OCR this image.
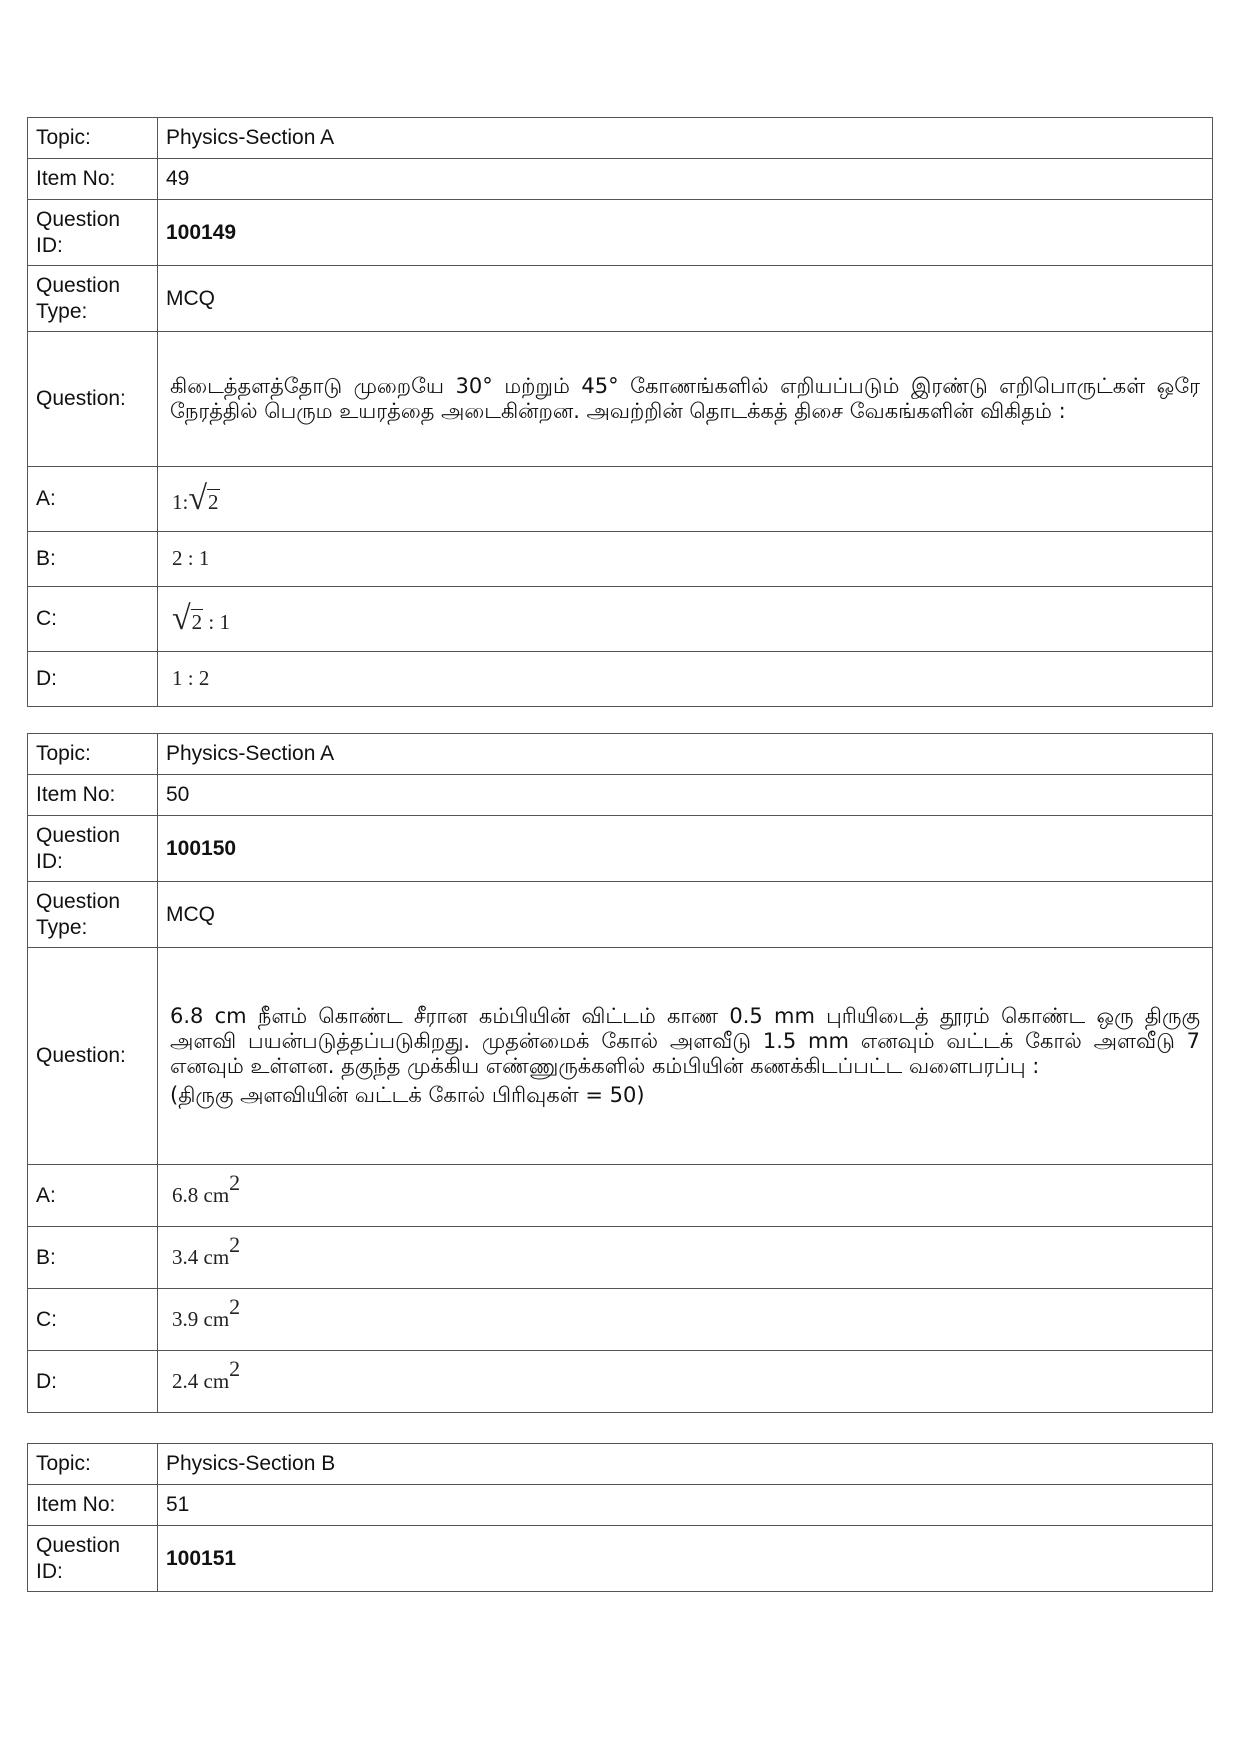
Topic:	Physics-Section A
Item No:	49
Question ID:	100149
Question Type:	MCQ
Question:	கிடைத்தளத்தோடு முறையே 30° மற்றும் 45° கோணங்களில் எறியப்படும் இரண்டு எறிபொருட்கள் ஒரே நேரத்தில் பெரும உயரத்தை அடைகின்றன. அவற்றின் தொடக்கத் திசை வேகங்களின் விகிதம் :
A:	1:√2
B:	2 : 1
C:	√2 : 1
D:	1 : 2
Topic:	Physics-Section A
Item No:	50
Question ID:	100150
Question Type:	MCQ
Question:	6.8 cm நீளம் கொண்ட சீரான கம்பியின் விட்டம் காண 0.5 mm புரியிடைத் தூரம் கொண்ட ஒரு திருகு அளவி பயன்படுத்தப்படுகிறது. முதன்மைக் கோல் அளவீடு 1.5 mm எனவும் வட்டக் கோல் அளவீடு 7 எனவும் உள்ளன. தகுந்த முக்கிய எண்ணுருக்களில் கம்பியின் கணக்கிடப்பட்ட வளைபரப்பு :
(திருகு அளவியின் வட்டக் கோல் பிரிவுகள் = 50)

A:	6.8 $cm^2$
B:	3.4 $cm^2$
C:	3.9 $cm^2$
D:	2.4 $cm^2$
Topic:	Physics-Section B
Item No:	51
Question ID:	100151
